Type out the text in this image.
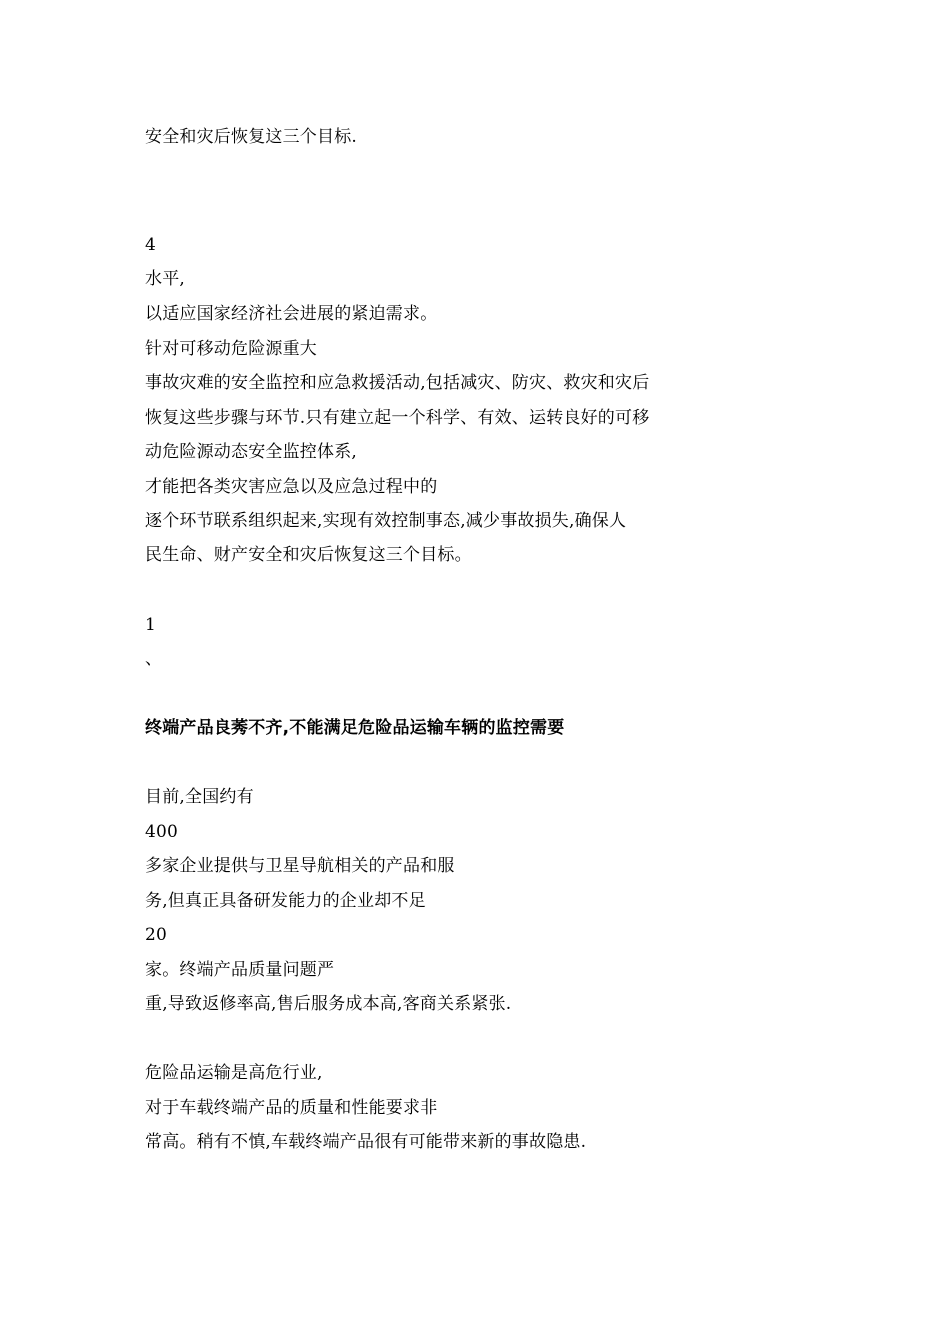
安全和灾后恢复这三个目标.
4
水平,
以适应国家经济社会进展的紧迫需求。
针对可移动危险源重大
事故灾难的安全监控和应急救援活动,包括减灾、防灾、救灾和灾后
恢复这些步骤与环节.只有建立起一个科学、有效、运转良好的可移
动危险源动态安全监控体系,
才能把各类灾害应急以及应急过程中的
逐个环节联系组织起来,实现有效控制事态,减少事故损失,确保人
民生命、财产安全和灾后恢复这三个目标。
1
、
终端产品良莠不齐,不能满足危险品运输车辆的监控需要
目前,全国约有
400
多家企业提供与卫星导航相关的产品和服
务,但真正具备研发能力的企业却不足
20
家。终端产品质量问题严
重,导致返修率高,售后服务成本高,客商关系紧张.
危险品运输是高危行业,
对于车载终端产品的质量和性能要求非
常高。稍有不慎,车载终端产品很有可能带来新的事故隐患.
